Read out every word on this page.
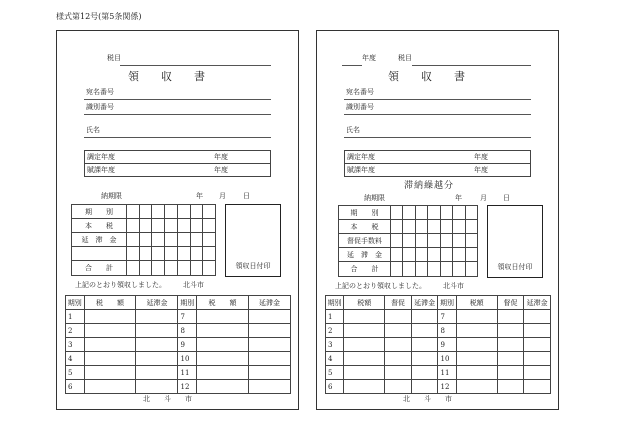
様式第12号(第5条関係)
税目
領　　収　　書
宛名番号
識別番号
氏名
調定年度	年度
賦課年度	年度
納期限	年 月 日
期　　別							
本　　税							
延　滞　金							

合　　計								領収日付印
上記のとおり領収しました。 北斗市
期別	税　　額	延滞金	期別	税　　額	延滞金
1			7		
2			8		
3			9		
4			10		
5			11		
6			12		
北　　斗　　市
年度	税目
領　　収　　書
宛名番号
識別番号
氏名
調定年度	年度
賦課年度	年度
滞納繰越分
納期限	年	月 日
期　　別							
本　　税							
督促手数料							
延　滞　金							
合　　計								領収日付印
上記のとおり領収しました。 北斗市
期別	税額	督促	延滞金	期別	税額	督促	延滞金
1				7			
2				8			
3				9			
4				10			
5				11			
6				12			
北　　斗　　市
